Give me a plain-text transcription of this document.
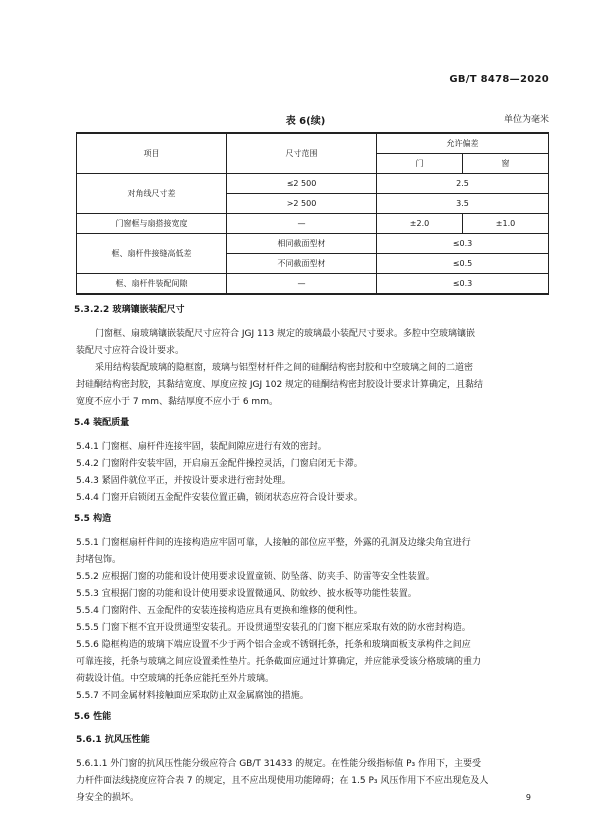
GB/T 8478—2020
表 6(续)	单位为毫米
项目	尺寸范围	允许偏差	
		门	窗
对角线尺寸差	≤2 500	2.5	
	>2 500	3.5	
门窗框与扇搭接宽度	—	±2.0	±1.0
框、扇杆件接缝高低差	相同截面型材	≤0.3	
	不同截面型材	≤0.5	
框、扇杆件装配间隙	—	≤0.3	
5.3.2.2 玻璃镶嵌装配尺寸
门窗框、扇玻璃镶嵌装配尺寸应符合 JGJ 113 规定的玻璃最小装配尺寸要求。多腔中空玻璃镶嵌
装配尺寸应符合设计要求。
采用结构装配玻璃的隐框窗，玻璃与铝型材杆件之间的硅酮结构密封胶和中空玻璃之间的二道密
封硅酮结构密封胶，其黏结宽度、厚度应按 JGJ 102 规定的硅酮结构密封胶设计要求计算确定，且黏结
宽度不应小于 7 mm、黏结厚度不应小于 6 mm。
5.4 装配质量
5.4.1 门窗框、扇杆件连接牢固，装配间隙应进行有效的密封。
5.4.2 门窗附件安装牢固，开启扇五金配件操控灵活，门窗启闭无卡滞。
5.4.3 紧固件就位平正，并按设计要求进行密封处理。
5.4.4 门窗开启锁闭五金配件安装位置正确，锁闭状态应符合设计要求。
5.5 构造
5.5.1 门窗框扇杆件间的连接构造应牢固可靠，人接触的部位应平整，外露的孔洞及边缘尖角宜进行
封堵包饰。
5.5.2 应根据门窗的功能和设计使用要求设置童锁、防坠落、防夹手、防雷等安全性装置。
5.5.3 宜根据门窗的功能和设计使用要求设置微通风、防蚊纱、披水板等功能性装置。
5.5.4 门窗附件、五金配件的安装连接构造应具有更换和维修的便利性。
5.5.5 门窗下框不宜开设贯通型安装孔。开设贯通型安装孔的门窗下框应采取有效的防水密封构造。
5.5.6 隐框构造的玻璃下端应设置不少于两个铝合金或不锈钢托条，托条和玻璃面板支承构件之间应
可靠连接，托条与玻璃之间应设置柔性垫片。托条截面应通过计算确定，并应能承受该分格玻璃的重力
荷载设计值。中空玻璃的托条应能托至外片玻璃。
5.5.7 不同金属材料接触面应采取防止双金属腐蚀的措施。
5.6 性能
5.6.1 抗风压性能
5.6.1.1 外门窗的抗风压性能分级应符合 GB/T 31433 的规定。在性能分级指标值 P₃ 作用下，主要受
力杆件面法线挠度应符合表 7 的规定，且不应出现使用功能障碍；在 1.5 P₃ 风压作用下不应出现危及人
身安全的损坏。	9
